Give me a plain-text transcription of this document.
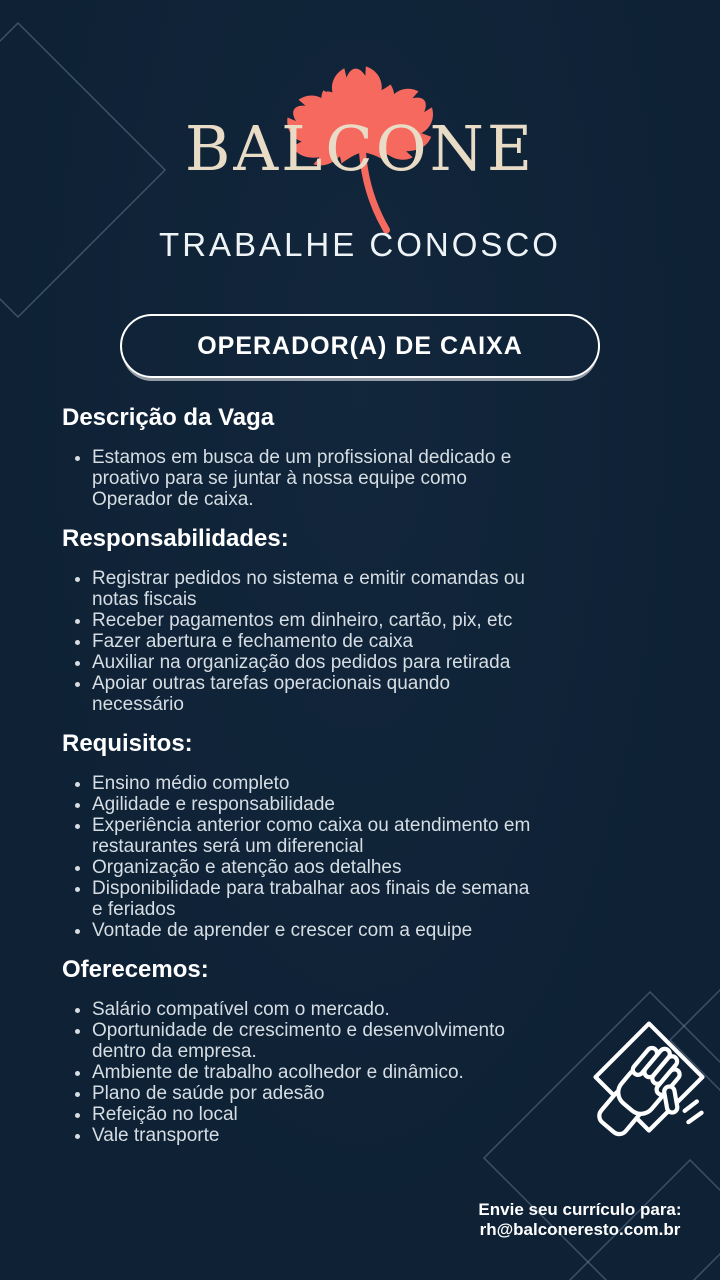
BALCONE
TRABALHE CONOSCO
OPERADOR(A) DE CAIXA
Descrição da Vaga
• Estamos em busca de um profissional dedicado e proativo para se juntar à nossa equipe como Operador de caixa.
Responsabilidades:
• Registrar pedidos no sistema e emitir comandas ou notas fiscais
• Receber pagamentos em dinheiro, cartão, pix, etc
• Fazer abertura e fechamento de caixa
• Auxiliar na organização dos pedidos para retirada
• Apoiar outras tarefas operacionais quando necessário
Requisitos:
• Ensino médio completo
• Agilidade e responsabilidade
• Experiência anterior como caixa ou atendimento em restaurantes será um diferencial
• Organização e atenção aos detalhes
• Disponibilidade para trabalhar aos finais de semana e feriados
• Vontade de aprender e crescer com a equipe
Oferecemos:
• Salário compatível com o mercado.
• Oportunidade de crescimento e desenvolvimento dentro da empresa.
• Ambiente de trabalho acolhedor e dinâmico.
• Plano de saúde por adesão
• Refeição no local
• Vale transporte
Envie seu currículo para:
rh@balconeresto.com.br
